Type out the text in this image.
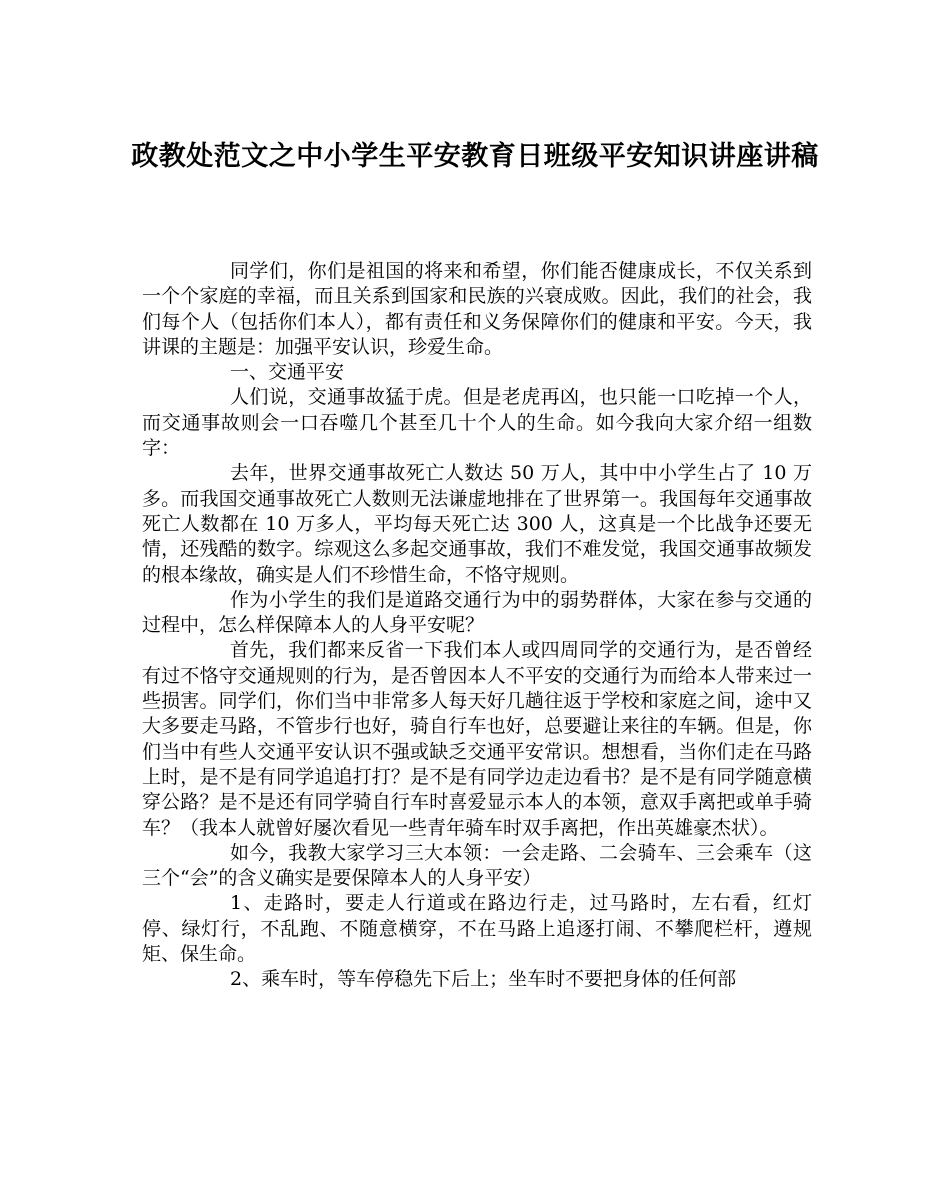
政教处范文之中小学生平安教育日班级平安知识讲座讲稿

同学们，你们是祖国的将来和希望，你们能否健康成长，不仅关系到一个个家庭的幸福，而且关系到国家和民族的兴衰成败。因此，我们的社会，我们每个人（包括你们本人），都有责任和义务保障你们的健康和平安。今天，我讲课的主题是：加强平安认识，珍爱生命。

一、交通平安

人们说，交通事故猛于虎。但是老虎再凶，也只能一口吃掉一个人，而交通事故则会一口吞噬几个甚至几十个人的生命。如今我向大家介绍一组数字：

去年，世界交通事故死亡人数达 50 万人，其中中小学生占了 10 万多。而我国交通事故死亡人数则无法谦虚地排在了世界第一。我国每年交通事故死亡人数都在 10 万多人，平均每天死亡达 300 人，这真是一个比战争还要无情，还残酷的数字。综观这么多起交通事故，我们不难发觉，我国交通事故频发的根本缘故，确实是人们不珍惜生命，不恪守规则。

作为小学生的我们是道路交通行为中的弱势群体，大家在参与交通的过程中，怎么样保障本人的人身平安呢？

首先，我们都来反省一下我们本人或四周同学的交通行为，是否曾经有过不恪守交通规则的行为，是否曾因本人不平安的交通行为而给本人带来过一些损害。同学们，你们当中非常多人每天好几趟往返于学校和家庭之间，途中又大多要走马路，不管步行也好，骑自行车也好，总要避让来往的车辆。但是，你们当中有些人交通平安认识不强或缺乏交通平安常识。想想看，当你们走在马路上时，是不是有同学追追打打？是不是有同学边走边看书？是不是有同学随意横穿公路？是不是还有同学骑自行车时喜爱显示本人的本领，意双手离把或单手骑车？（我本人就曾好屡次看见一些青年骑车时双手离把，作出英雄豪杰状）。

如今，我教大家学习三大本领：一会走路、二会骑车、三会乘车（这三个“会”的含义确实是要保障本人的人身平安）

1、走路时，要走人行道或在路边行走，过马路时，左右看，红灯停、绿灯行，不乱跑、不随意横穿，不在马路上追逐打闹、不攀爬栏杆，遵规矩、保生命。

2、乘车时，等车停稳先下后上；坐车时不要把身体的任何部
